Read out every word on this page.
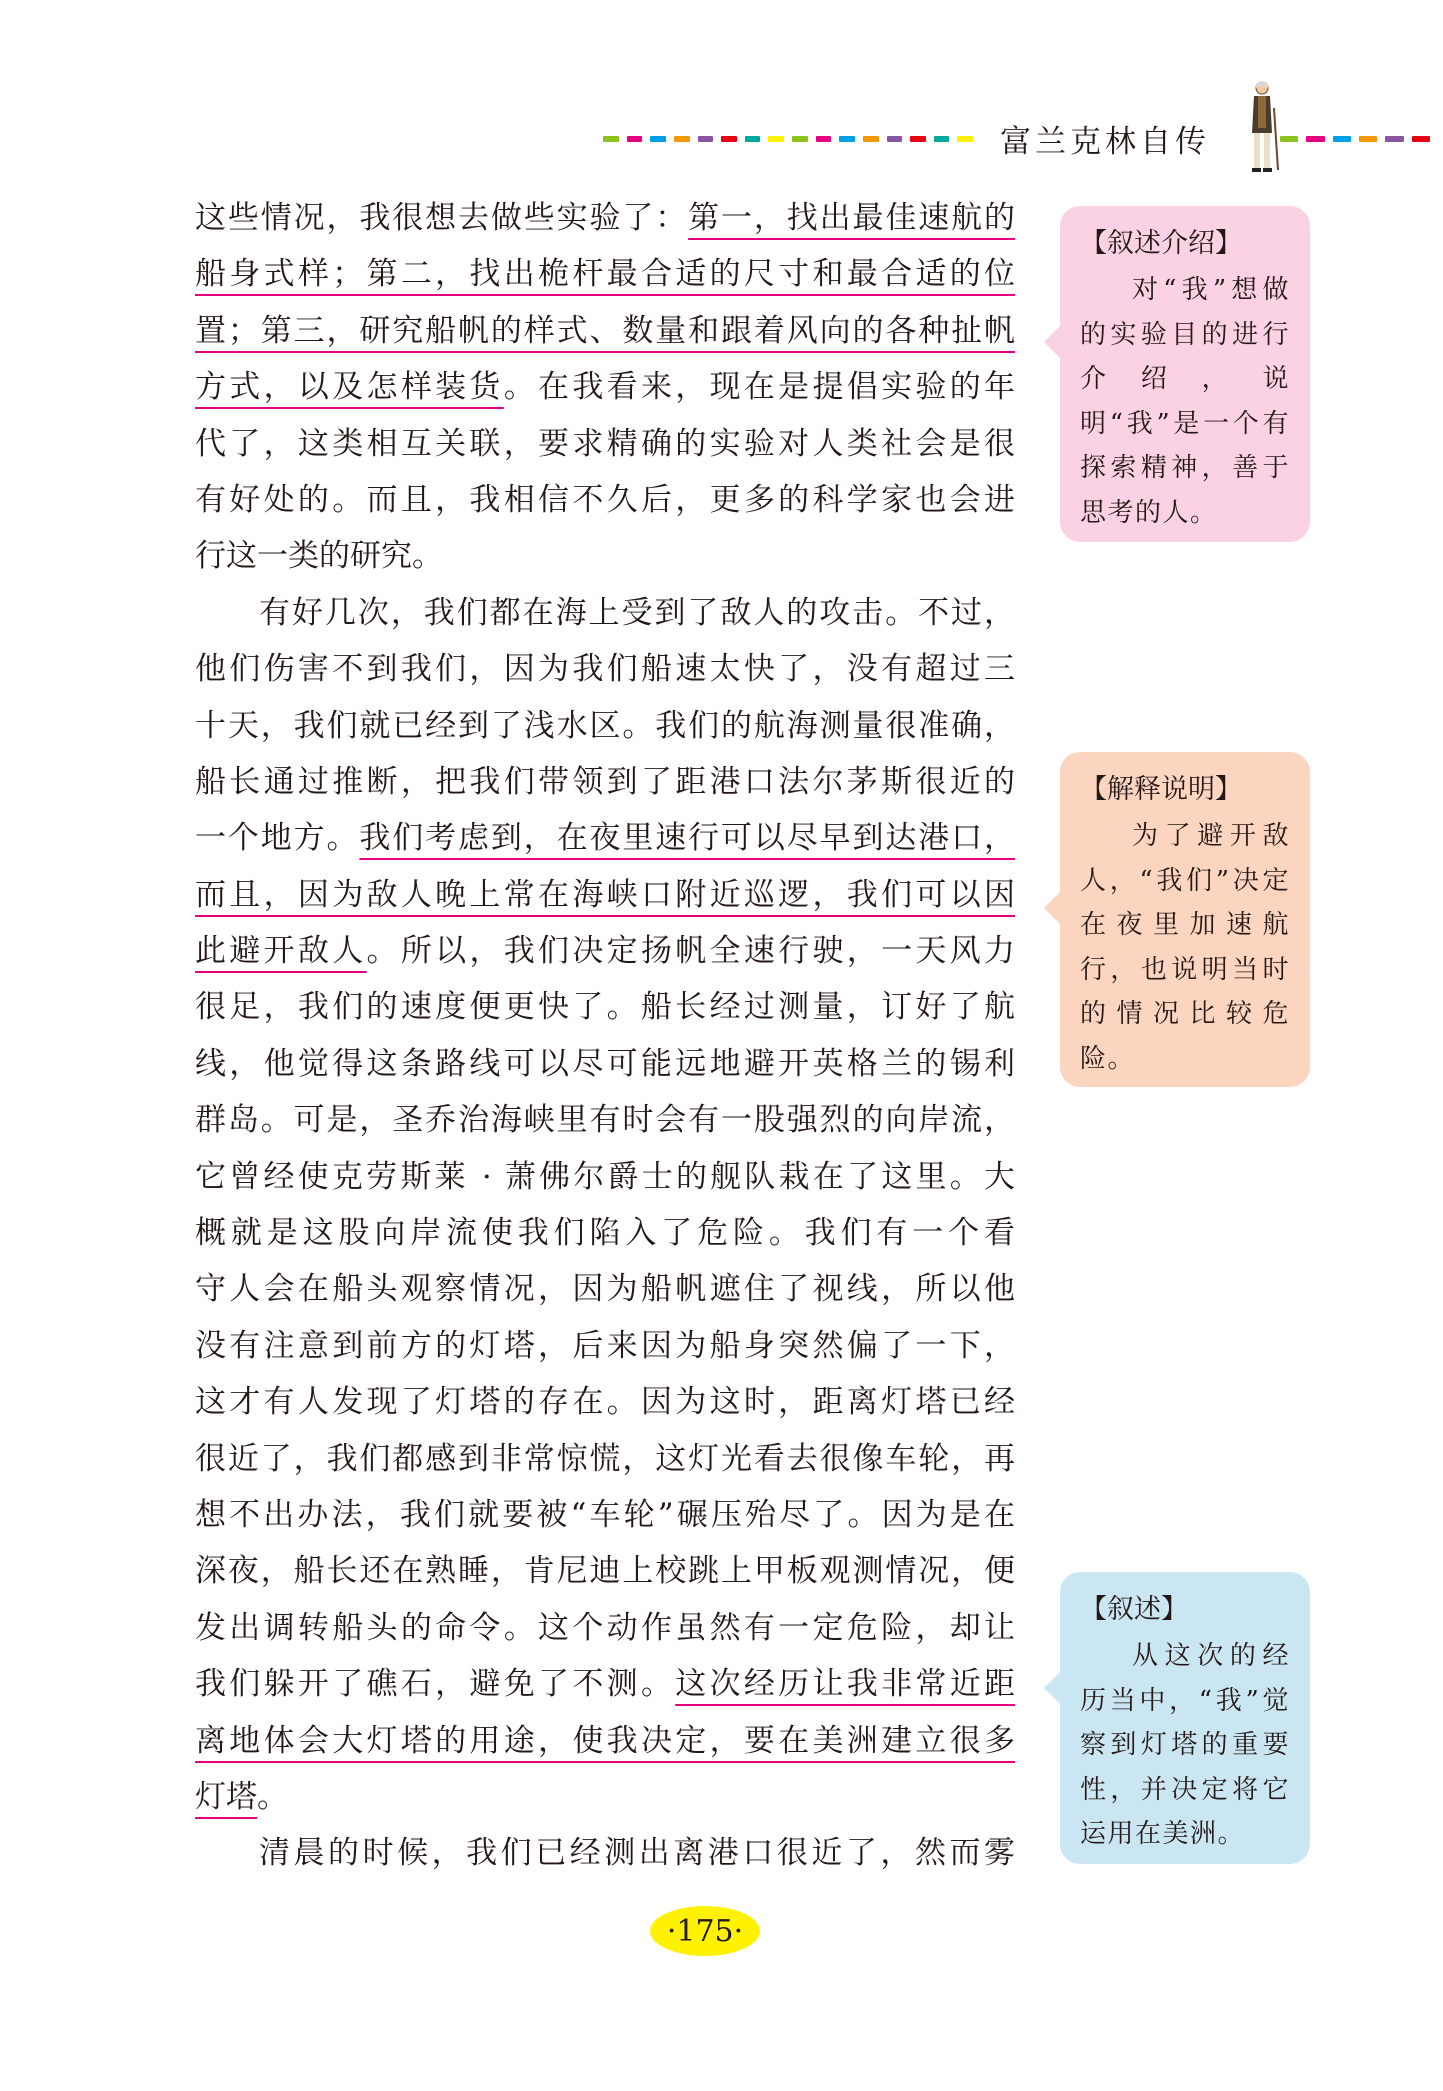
富兰克林自传
这些情况，我很想去做些实验了：第一，找出最佳速航的
船身式样；第二，找出桅杆最合适的尺寸和最合适的位
置；第三，研究船帆的样式、数量和跟着风向的各种扯帆
方式，以及怎样装货。在我看来，现在是提倡实验的年
代了，这类相互关联，要求精确的实验对人类社会是很
有好处的。而且，我相信不久后，更多的科学家也会进
行这一类的研究。
有好几次，我们都在海上受到了敌人的攻击。不过，
他们伤害不到我们，因为我们船速太快了，没有超过三
十天，我们就已经到了浅水区。我们的航海测量很准确，
船长通过推断，把我们带领到了距港口法尔茅斯很近的
一个地方。我们考虑到，在夜里速行可以尽早到达港口，
而且，因为敌人晚上常在海峡口附近巡逻，我们可以因
此避开敌人。所以，我们决定扬帆全速行驶，一天风力
很足，我们的速度便更快了。船长经过测量，订好了航
线，他觉得这条路线可以尽可能远地避开英格兰的锡利
群岛。可是，圣乔治海峡里有时会有一股强烈的向岸流，
它曾经使克劳斯莱 · 萧佛尔爵士的舰队栽在了这里。大
概就是这股向岸流使我们陷入了危险。我们有一个看
守人会在船头观察情况，因为船帆遮住了视线，所以他
没有注意到前方的灯塔，后来因为船身突然偏了一下，
这才有人发现了灯塔的存在。因为这时，距离灯塔已经
很近了，我们都感到非常惊慌，这灯光看去很像车轮，再
想不出办法，我们就要被“车轮”碾压殆尽了。因为是在
深夜，船长还在熟睡，肯尼迪上校跳上甲板观测情况，便
发出调转船头的命令。这个动作虽然有一定危险，却让
我们躲开了礁石，避免了不测。这次经历让我非常近距
离地体会大灯塔的用途，使我决定，要在美洲建立很多
灯塔。
清晨的时候，我们已经测出离港口很近了，然而雾
【叙述介绍】
对“我”想做的实验目的进行介绍，说明“我”是一个有探索精神，善于思考的人。
【解释说明】
为了避开敌人，“我们”决定在夜里加速航行，也说明当时的情况比较危险。
【叙述】
从这次的经历当中，“我”觉察到灯塔的重要性，并决定将它运用在美洲。
·175·
